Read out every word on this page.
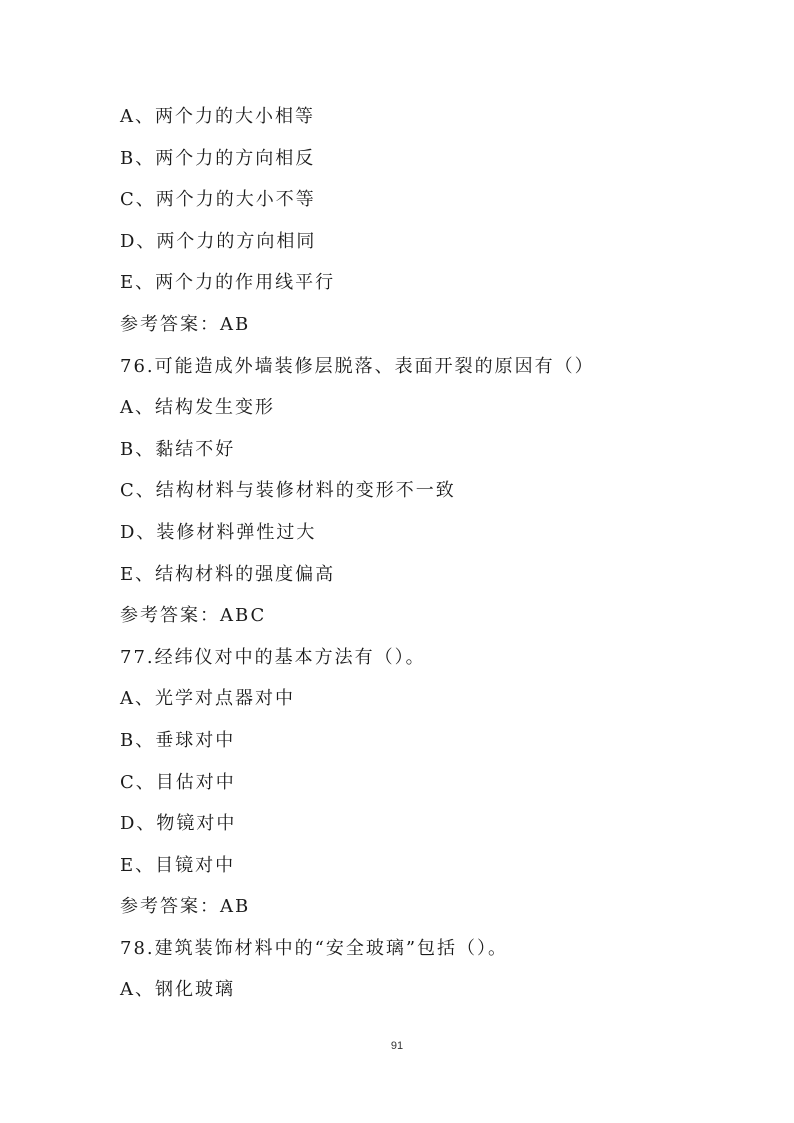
A、两个力的大小相等
B、两个力的方向相反
C、两个力的大小不等
D、两个力的方向相同
E、两个力的作用线平行
参考答案：AB
76.可能造成外墙装修层脱落、表面开裂的原因有（）
A、结构发生变形
B、黏结不好
C、结构材料与装修材料的变形不一致
D、装修材料弹性过大
E、结构材料的强度偏高
参考答案：ABC
77.经纬仪对中的基本方法有（）。
A、光学对点器对中
B、垂球对中
C、目估对中
D、物镜对中
E、目镜对中
参考答案：AB
78.建筑装饰材料中的“安全玻璃”包括（）。
A、钢化玻璃
91
